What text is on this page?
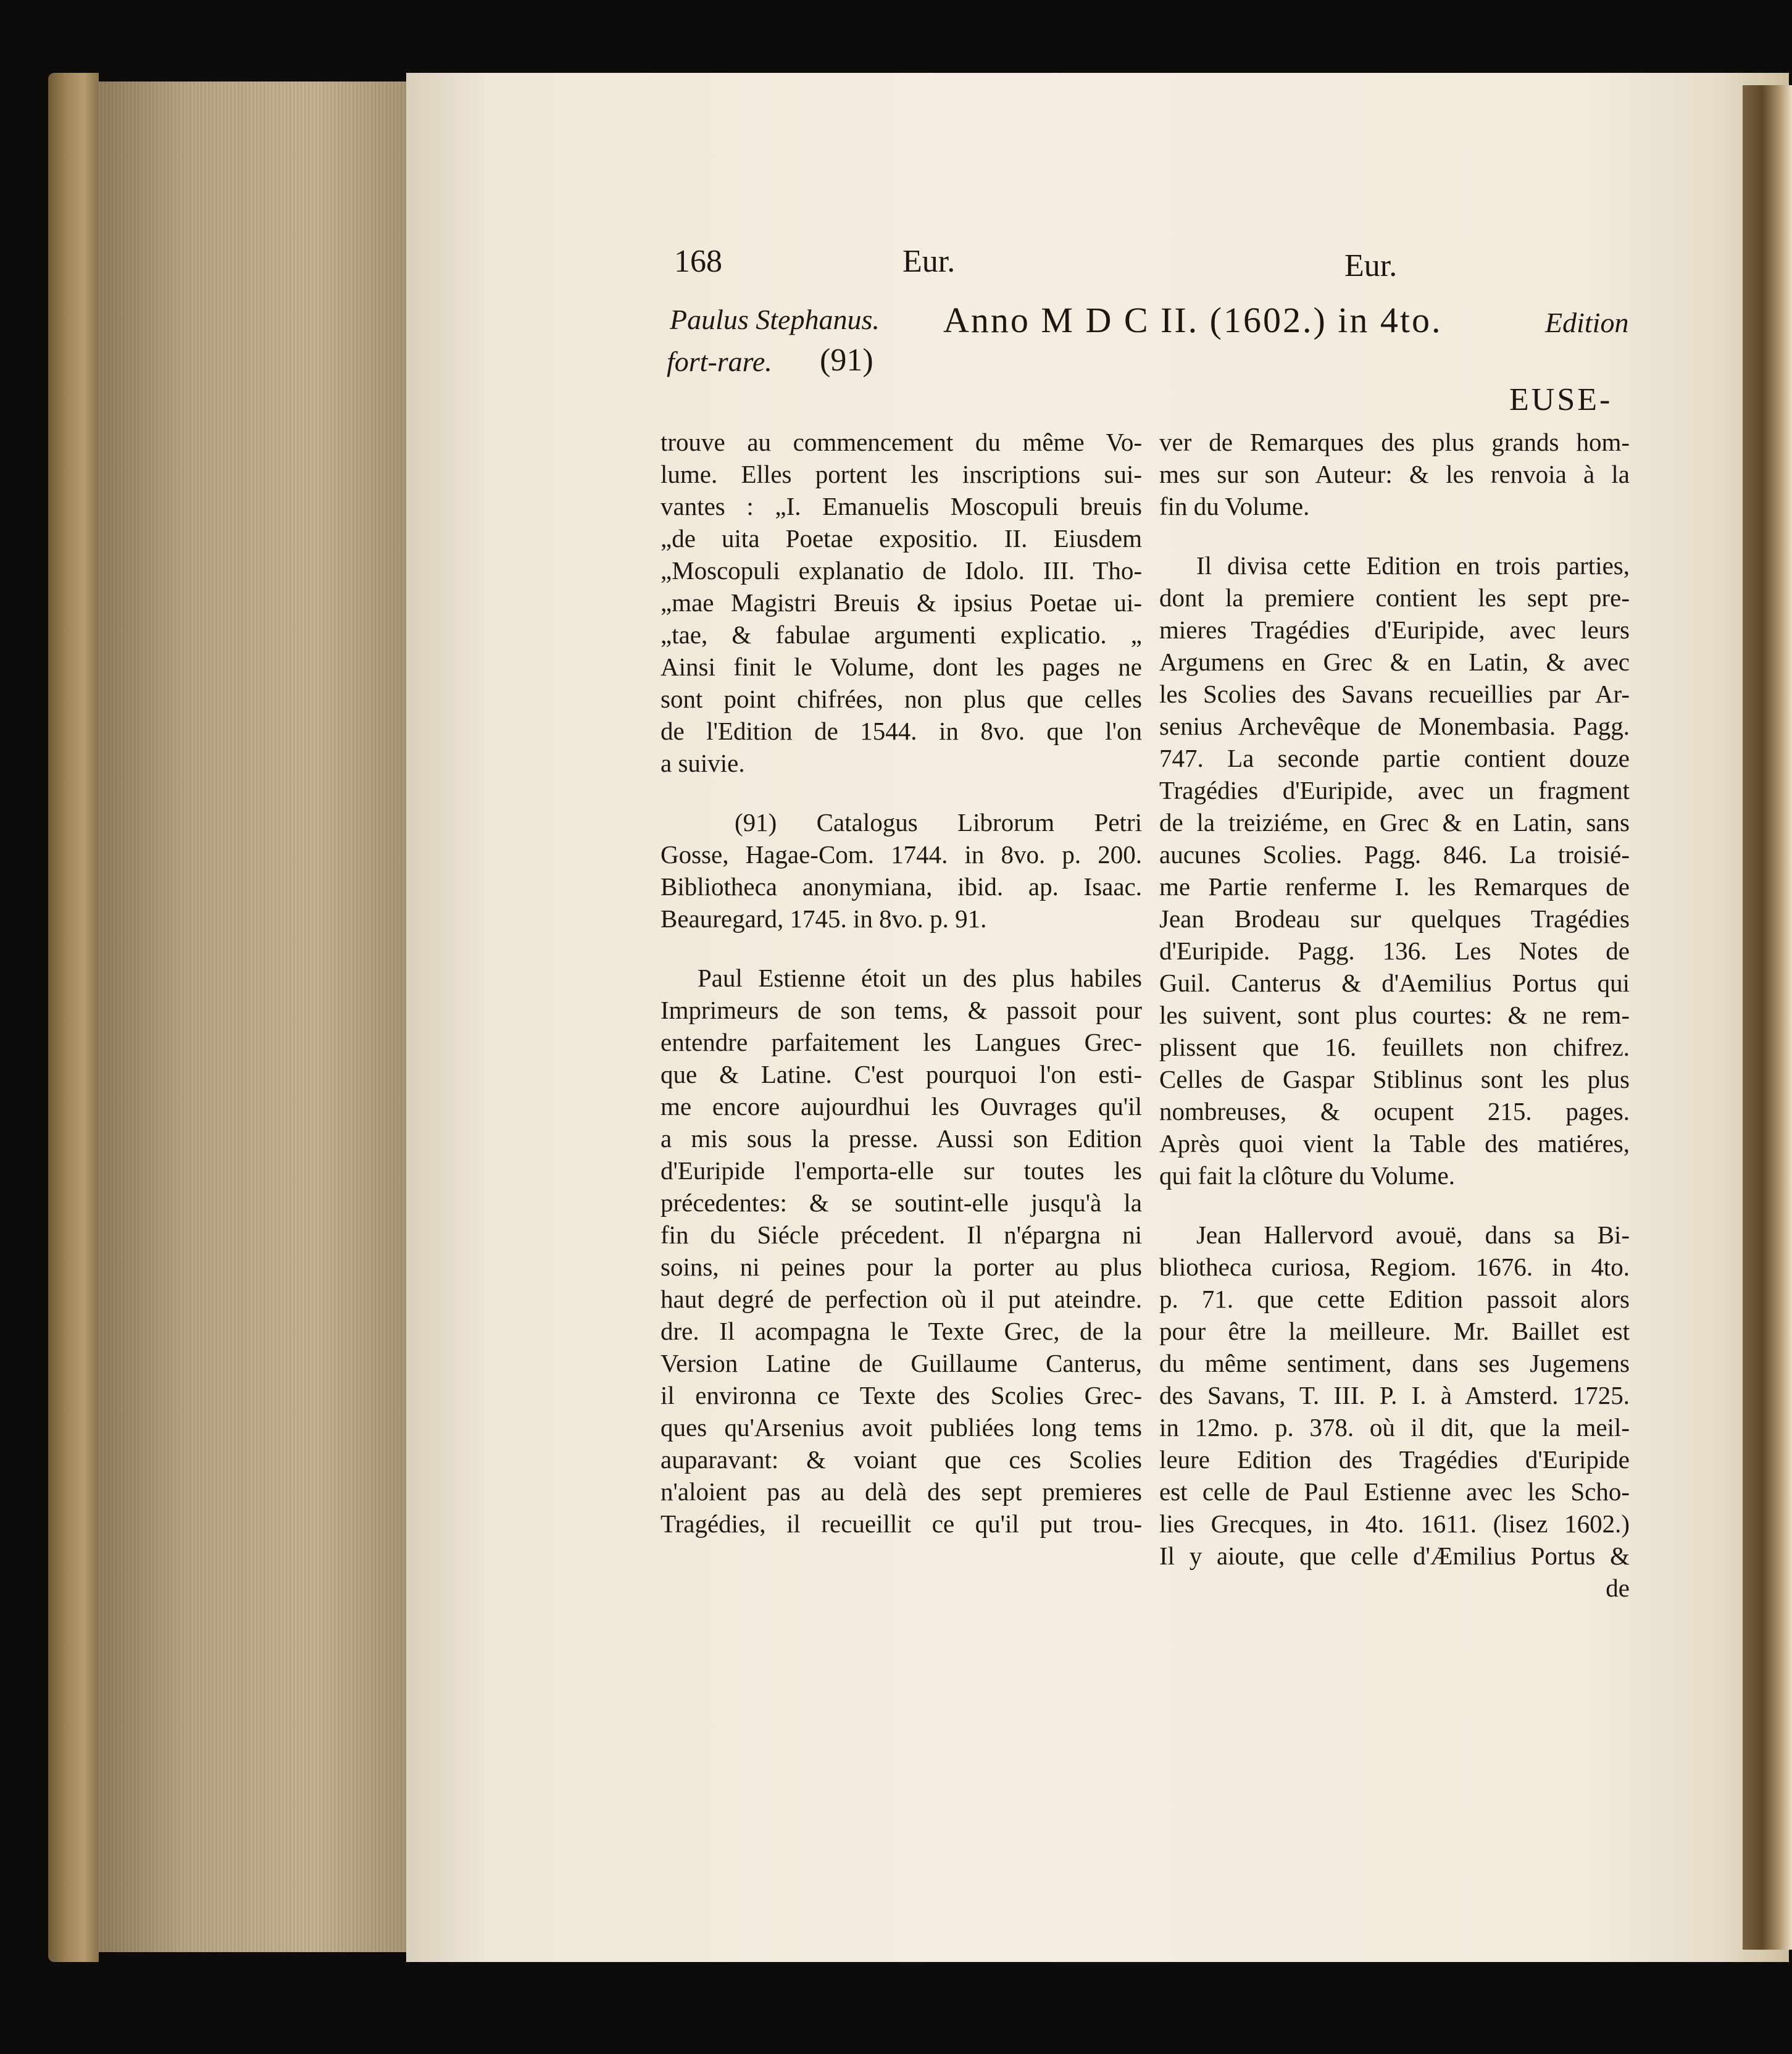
168	Eur.	Eur.
Paulus Stephanus. Anno M D C II. (1602.) in 4to.	Edition
fort-rare. (91)
EUSE-
trouve au commencement du même Vo-
lume. Elles portent les inscriptions sui-
vantes : „I. Emanuelis Moscopuli breuis
„de uita Poetae expositio. II. Eiusdem
„Moscopuli explanatio de Idolo. III. Tho-
„mae Magistri Breuis & ipsius Poetae ui-
„tae, & fabulae argumenti explicatio. „
Ainsi finit le Volume, dont les pages ne
sont point chifrées, non plus que celles
de l'Edition de 1544. in 8vo. que l'on
a suivie.
(91) Catalogus Librorum Petri
Gosse, Hagae-Com. 1744. in 8vo. p. 200.
Bibliotheca anonymiana, ibid. ap. Isaac.
Beauregard, 1745. in 8vo. p. 91.
Paul Estienne étoit un des plus habiles
Imprimeurs de son tems, & passoit pour
entendre parfaitement les Langues Grec-
que & Latine. C'est pourquoi l'on esti-
me encore aujourdhui les Ouvrages qu'il
a mis sous la presse. Aussi son Edition
d'Euripide l'emporta-elle sur toutes les
précedentes: & se soutint-elle jusqu'à la
fin du Siécle précedent. Il n'épargna ni
soins, ni peines pour la porter au plus
haut degré de perfection où il put ateindre.
dre. Il acompagna le Texte Grec, de la
Version Latine de Guillaume Canterus,
il environna ce Texte des Scolies Grec-
ques qu'Arsenius avoit publiées long tems
auparavant: & voiant que ces Scolies
n'aloient pas au delà des sept premieres
Tragédies, il recueillit ce qu'il put trou-
ver de Remarques des plus grands hom-
mes sur son Auteur: & les renvoia à la
fin du Volume.
Il divisa cette Edition en trois parties,
dont la premiere contient les sept pre-
mieres Tragédies d'Euripide, avec leurs
Argumens en Grec & en Latin, & avec
les Scolies des Savans recueillies par Ar-
senius Archevêque de Monembasia. Pagg.
747. La seconde partie contient douze
Tragédies d'Euripide, avec un fragment
de la treiziéme, en Grec & en Latin, sans
aucunes Scolies. Pagg. 846. La troisié-
me Partie renferme I. les Remarques de
Jean Brodeau sur quelques Tragédies
d'Euripide. Pagg. 136. Les Notes de
Guil. Canterus & d'Aemilius Portus qui
les suivent, sont plus courtes: & ne rem-
plissent que 16. feuillets non chifrez.
Celles de Gaspar Stiblinus sont les plus
nombreuses, & ocupent 215. pages.
Après quoi vient la Table des matiéres,
qui fait la clôture du Volume.
Jean Hallervord avouë, dans sa Bi-
bliotheca curiosa, Regiom. 1676. in 4to.
p. 71. que cette Edition passoit alors
pour être la meilleure. Mr. Baillet est
du même sentiment, dans ses Jugemens
des Savans, T. III. P. I. à Amsterd. 1725.
in 12mo. p. 378. où il dit, que la meil-
leure Edition des Tragédies d'Euripide
est celle de Paul Estienne avec les Scho-
lies Grecques, in 4to. 1611. (lisez 1602.)
Il y aioute, que celle d'Æmilius Portus &
de
